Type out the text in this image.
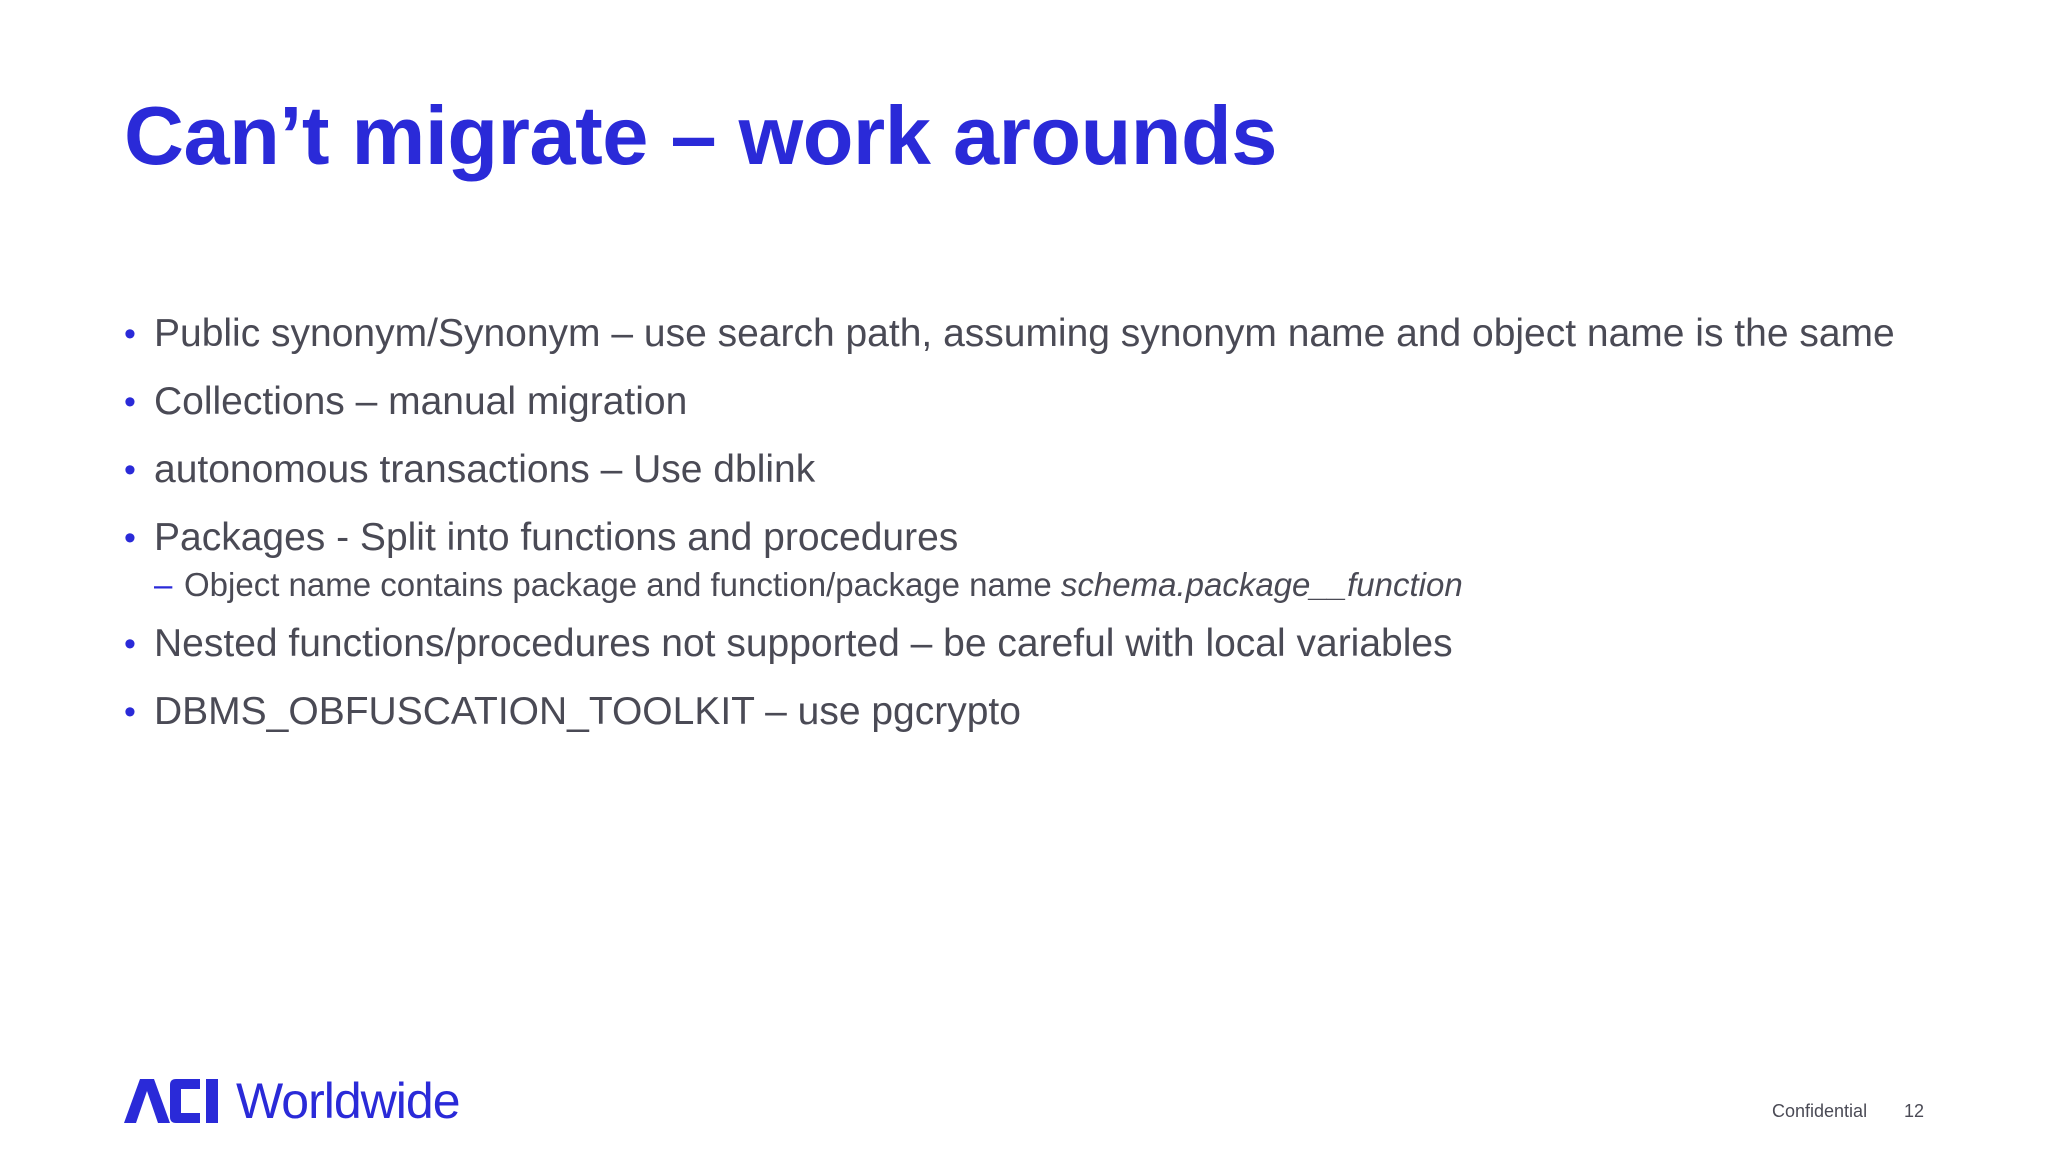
Can’t migrate – work arounds
• Public synonym/Synonym – use search path, assuming synonym name and object name is the same
• Collections – manual migration
• autonomous transactions – Use dblink
• Packages - Split into functions and procedures
– Object name contains package and function/package name schema.package__function
• Nested functions/procedures not supported – be careful with local variables
• DBMS_OBFUSCATION_TOOLKIT – use pgcrypto
Worldwide	Confidential 12
